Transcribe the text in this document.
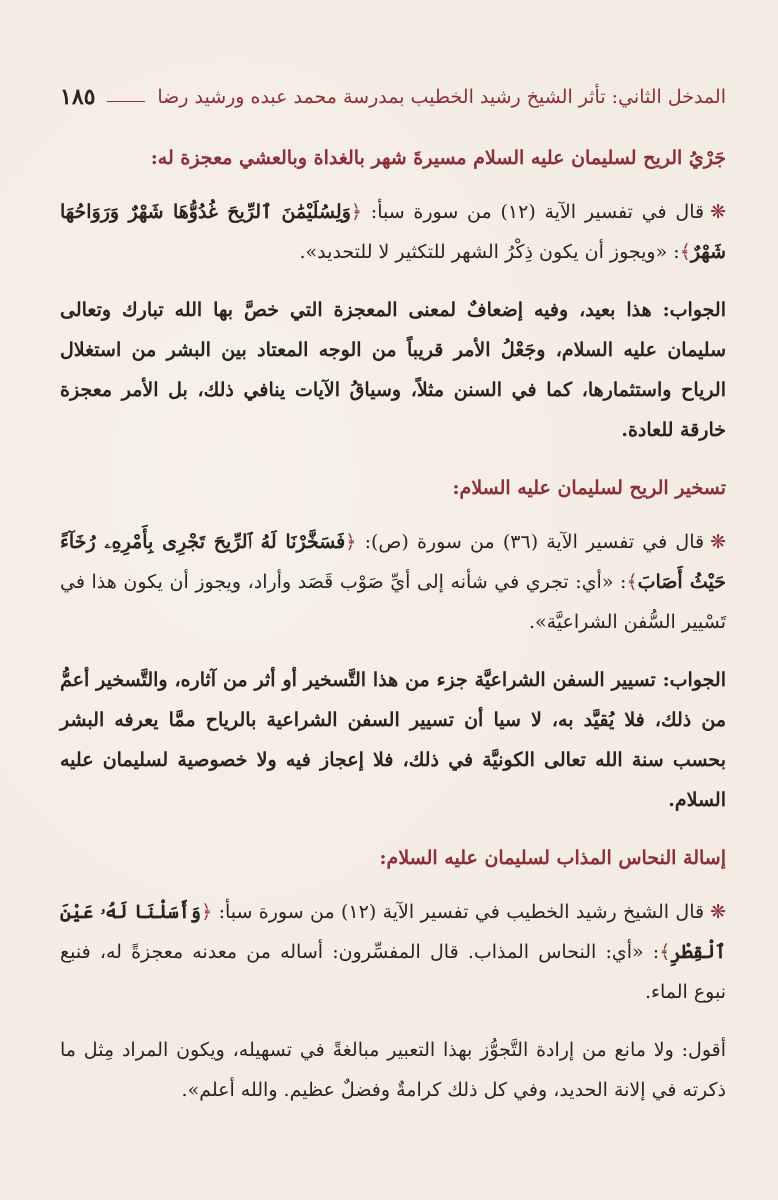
المدخل الثاني: تأثر الشيخ رشيد الخطيب بمدرسة محمد عبده ورشيد رضا
١٨٥

جَرْيُ الريح لسليمان عليه السلام مسيرةَ شهر بالغداة وبالعشي معجزة له:

❋قال في تفسير الآية (١٢) من سورة سبأ: ﴿وَلِسُلَيْمَٰنَ ٱلرِّيحَ غُدُوُّهَا شَهْرٌ وَرَوَاحُهَا شَهْرٌ﴾: «ويجوز أن يكون ذِكْرُ الشهر للتكثير لا للتحديد».

الجواب: هذا بعيد، وفيه إضعافٌ لمعنى المعجزة التي خصَّ بها الله تبارك وتعالى سليمان عليه السلام، وجَعْلُ الأمر قريباً من الوجه المعتاد بين البشر من استغلال الرياح واستثمارها، كما في السنن مثلاً، وسياقُ الآيات ينافي ذلك، بل الأمر معجزة خارقة للعادة.

تسخير الريح لسليمان عليه السلام:

❋قال في تفسير الآية (٣٦) من سورة (ص): ﴿فَسَخَّرْنَا لَهُ ٱلرِّيحَ تَجْرِى بِأَمْرِهِۦ رُخَآءً حَيْثُ أَصَابَ﴾: «أي: تجري في شأنه إلى أيِّ صَوْب قَصَد وأراد، ويجوز أن يكون هذا في تَسْيير السُّفن الشراعيَّة».

الجواب: تسيير السفن الشراعيَّة جزء من هذا التَّسخير أو أثر من آثاره، والتَّسخير أعمُّ من ذلك، فلا يُقيَّد به، لا سيا أن تسيير السفن الشراعية بالرياح ممَّا يعرفه البشر بحسب سنة الله تعالى الكونيَّة في ذلك، فلا إعجاز فيه ولا خصوصية لسليمان عليه السلام.

إسالة النحاس المذاب لسليمان عليه السلام:

❋قال الشيخ رشيد الخطيب في تفسير الآية (١٢) من سورة سبأ: ﴿وَأَسَلْنَا لَهُۥ عَيْنَ ٱلْقِطْرِ﴾: «أي: النحاس المذاب. قال المفسِّرون: أساله من معدنه معجزةً له، فنبع نبوع الماء.

أقول: ولا مانع من إرادة التَّجوُّز بهذا التعبير مبالغةً في تسهيله، ويكون المراد مِثل ما ذكرته في إلانة الحديد، وفي كل ذلك كرامةٌ وفضلٌ عظيم. والله أعلم».
